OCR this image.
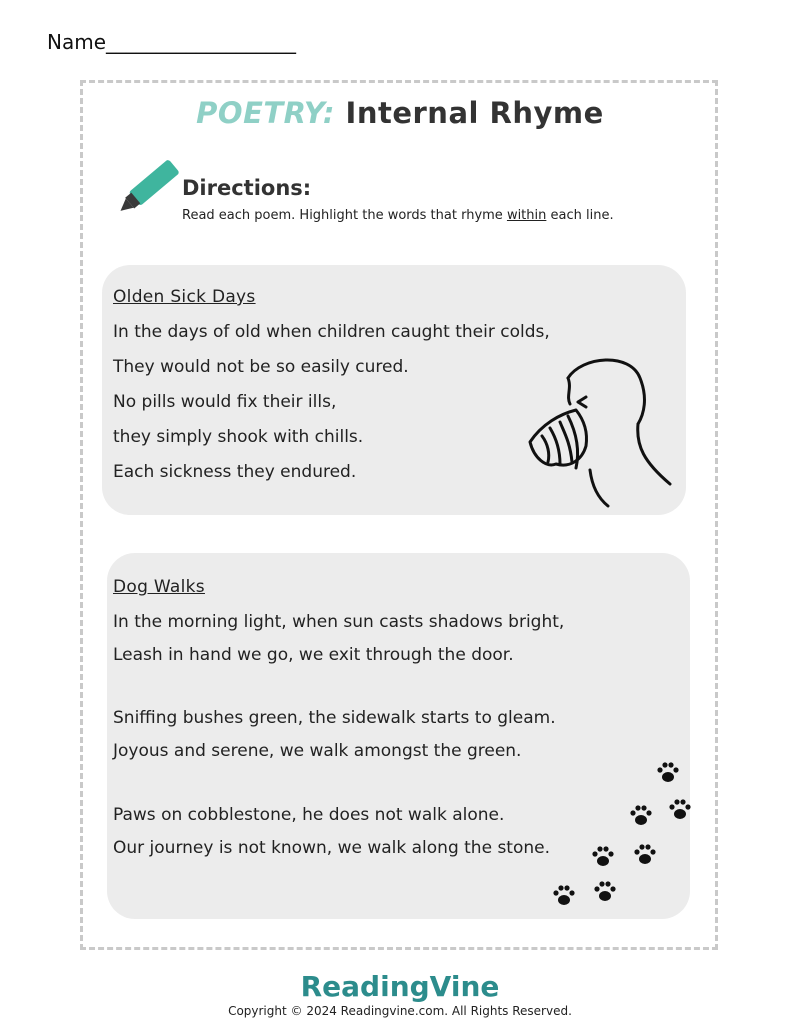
Name___________________
POETRY: Internal Rhyme
Directions:
Read each poem. Highlight the words that rhyme within each line.
Olden Sick Days
In the days of old when children caught their colds,
They would not be so easily cured.
No pills would fix their ills,
they simply shook with chills.
Each sickness they endured.
Dog Walks
In the morning light, when sun casts shadows bright,
Leash in hand we go, we exit through the door.
Sniffing bushes green, the sidewalk starts to gleam.
Joyous and serene, we walk amongst the green.
Paws on cobblestone, he does not walk alone.
Our journey is not known, we walk along the stone.
ReadingVine
Copyright © 2024 Readingvine.com. All Rights Reserved.
